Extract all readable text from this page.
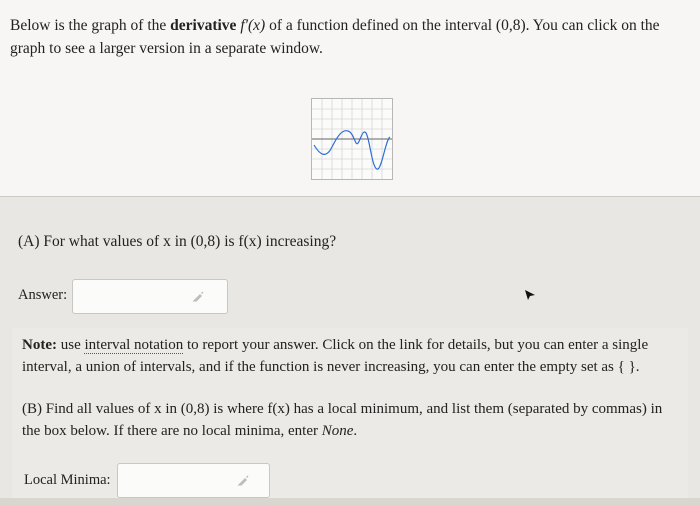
Below is the graph of the derivative f′(x) of a function defined on the interval (0,8). You can click on the graph to see a larger version in a separate window.
(A) For what values of x in (0,8) is f(x) increasing?
Answer:
Note: use interval notation to report your answer. Click on the link for details, but you can enter a single interval, a union of intervals, and if the function is never increasing, you can enter the empty set as { }.
(B) Find all values of x in (0,8) is where f(x) has a local minimum, and list them (separated by commas) in the box below. If there are no local minima, enter None.
Local Minima:
